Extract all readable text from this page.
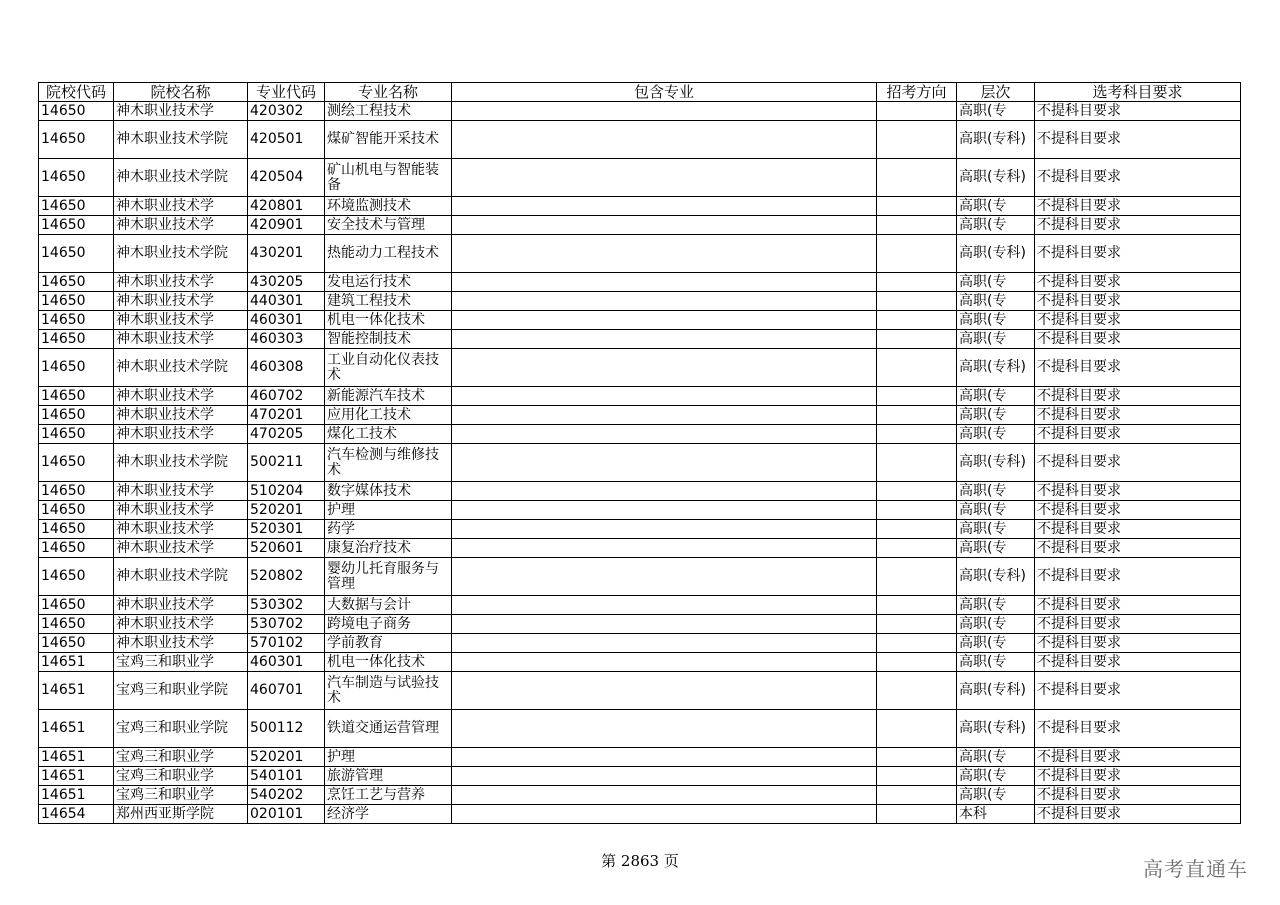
院校代码	院校名称	专业代码	专业名称	包含专业	招考方向	层次	选考科目要求
14650	神木职业技术学	420302	测绘工程技术			高职(专	不提科目要求
14650	神木职业技术学院	420501	煤矿智能开采技术			高职(专科)	不提科目要求
14650	神木职业技术学院	420504	矿山机电与智能装备			高职(专科)	不提科目要求
14650	神木职业技术学	420801	环境监测技术			高职(专	不提科目要求
14650	神木职业技术学	420901	安全技术与管理			高职(专	不提科目要求
14650	神木职业技术学院	430201	热能动力工程技术			高职(专科)	不提科目要求
14650	神木职业技术学	430205	发电运行技术			高职(专	不提科目要求
14650	神木职业技术学	440301	建筑工程技术			高职(专	不提科目要求
14650	神木职业技术学	460301	机电一体化技术			高职(专	不提科目要求
14650	神木职业技术学	460303	智能控制技术			高职(专	不提科目要求
14650	神木职业技术学院	460308	工业自动化仪表技术			高职(专科)	不提科目要求
14650	神木职业技术学	460702	新能源汽车技术			高职(专	不提科目要求
14650	神木职业技术学	470201	应用化工技术			高职(专	不提科目要求
14650	神木职业技术学	470205	煤化工技术			高职(专	不提科目要求
14650	神木职业技术学院	500211	汽车检测与维修技术			高职(专科)	不提科目要求
14650	神木职业技术学	510204	数字媒体技术			高职(专	不提科目要求
14650	神木职业技术学	520201	护理			高职(专	不提科目要求
14650	神木职业技术学	520301	药学			高职(专	不提科目要求
14650	神木职业技术学	520601	康复治疗技术			高职(专	不提科目要求
14650	神木职业技术学院	520802	婴幼儿托育服务与管理			高职(专科)	不提科目要求
14650	神木职业技术学	530302	大数据与会计			高职(专	不提科目要求
14650	神木职业技术学	530702	跨境电子商务			高职(专	不提科目要求
14650	神木职业技术学	570102	学前教育			高职(专	不提科目要求
14651	宝鸡三和职业学	460301	机电一体化技术			高职(专	不提科目要求
14651	宝鸡三和职业学院	460701	汽车制造与试验技术			高职(专科)	不提科目要求
14651	宝鸡三和职业学院	500112	铁道交通运营管理			高职(专科)	不提科目要求
14651	宝鸡三和职业学	520201	护理			高职(专	不提科目要求
14651	宝鸡三和职业学	540101	旅游管理			高职(专	不提科目要求
14651	宝鸡三和职业学	540202	烹饪工艺与营养			高职(专	不提科目要求
14654	郑州西亚斯学院	020101	经济学			本科	不提科目要求
第 2863 页	高考直通车
